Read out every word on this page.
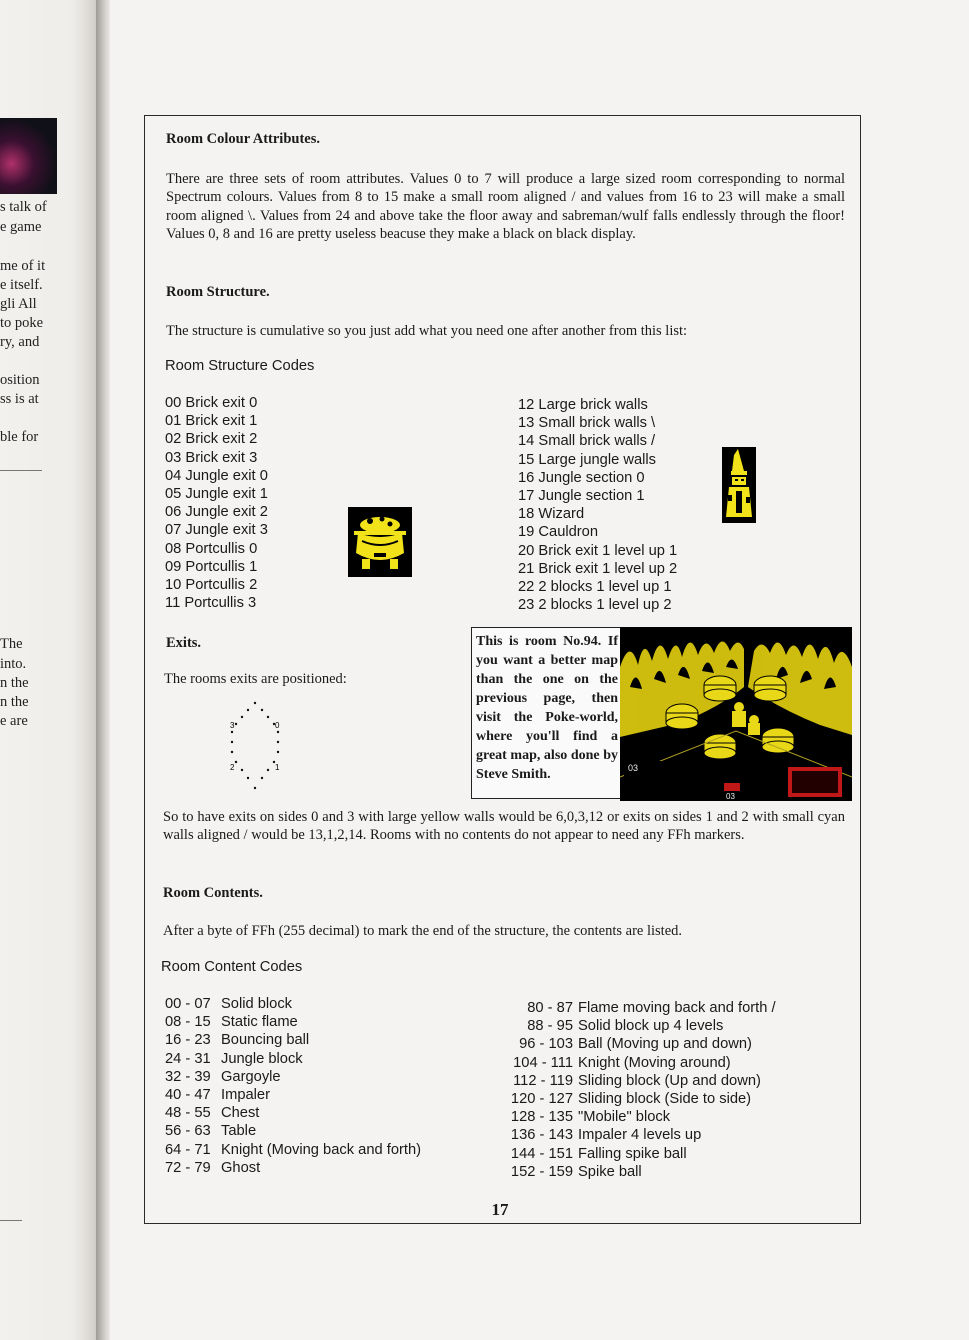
s talk of
e game
me of it
e itself.
gli All
to poke
ry, and
osition
ss is at
ble for
The
into.
n the
n the
e are
Room Colour Attributes.
There are three sets of room attributes. Values 0 to 7 will produce a large sized room corresponding to normal Spectrum colours. Values from 8 to 15 make a small room aligned / and values from 16 to 23 will make a small room aligned \. Values from 24 and above take the floor away and sabreman/wulf falls endlessly through the floor! Values 0, 8 and 16 are pretty useless beacuse they make a black on black display.
Room Structure.
The structure is cumulative so you just add what you need one after another from this list:
Room Structure Codes
00 Brick exit 0
01 Brick exit 1
02 Brick exit 2
03 Brick exit 3
04 Jungle exit 0
05 Jungle exit 1
06 Jungle exit 2
07 Jungle exit 3
08 Portcullis 0
09 Portcullis 1
10 Portcullis 2
11 Portcullis 3
12 Large brick walls
13 Small brick walls \
14 Small brick walls /
15 Large jungle walls
16 Jungle section 0
17 Jungle section 1
18 Wizard
19 Cauldron
20 Brick exit 1 level up 1
21 Brick exit 1 level up 2
22 2 blocks 1 level up 1
23 2 blocks 1 level up 2
Exits.
The rooms exits are positioned:
3	0
2	1

This is room No.94. If you want a better map than the one on the previous page, then visit the Poke-world, where you'll find a great map, also done by Steve Smith.	03
03
So to have exits on sides 0 and 3 with large yellow walls would be 6,0,3,12 or exits on sides 1 and 2 with small cyan walls aligned / would be 13,1,2,14. Rooms with no contents do not appear to need any FFh markers.
Room Contents.
After a byte of FFh (255 decimal) to mark the end of the structure, the contents are listed.
Room Content Codes
00 - 07 Solid block
08 - 15 Static flame
16 - 23 Bouncing ball
24 - 31 Jungle block
32 - 39 Gargoyle
40 - 47 Impaler
48 - 55 Chest
56 - 63 Table
64 - 71 Knight (Moving back and forth)
72 - 79 Ghost
80 - 87 Flame moving back and forth /
88 - 95 Solid block up 4 levels
96 - 103 Ball (Moving up and down)
104 - 111 Knight (Moving around)
112 - 119 Sliding block (Up and down)
120 - 127 Sliding block (Side to side)
128 - 135 "Mobile" block
136 - 143 Impaler 4 levels up
144 - 151 Falling spike ball
152 - 159 Spike ball
17
